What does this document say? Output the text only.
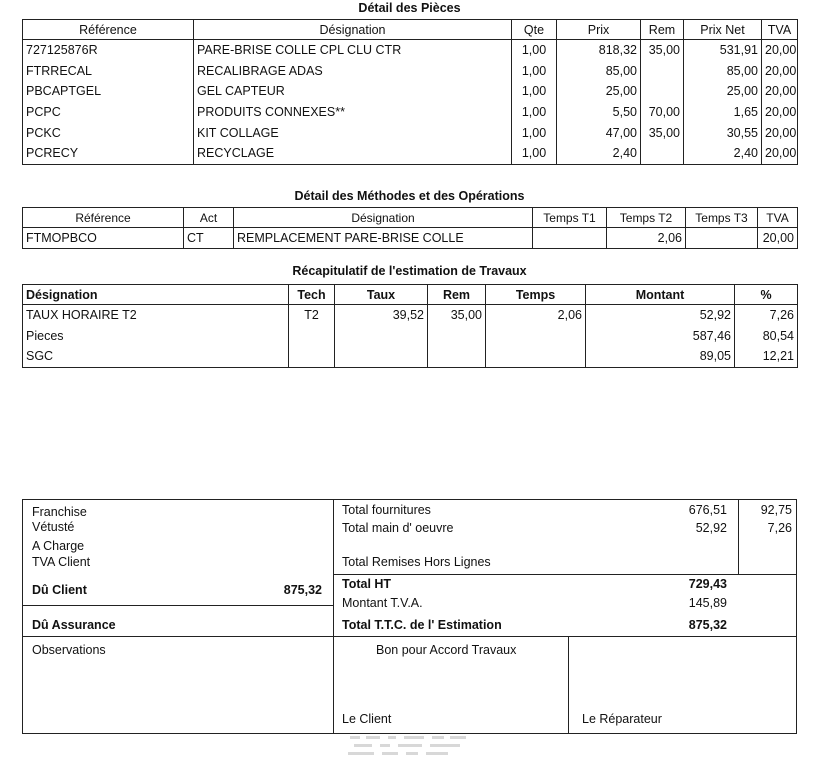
Détail des Pièces
Référence	Désignation	Qte	Prix	Rem	Prix Net	TVA
727125876R	PARE-BRISE COLLE CPL CLU CTR	1,00	818,32	35,00	531,91	20,00
FTRRECAL	RECALIBRAGE ADAS	1,00	85,00		85,00	20,00
PBCAPTGEL	GEL CAPTEUR	1,00	25,00		25,00	20,00
PCPC	PRODUITS CONNEXES**	1,00	5,50	70,00	1,65	20,00
PCKC	KIT COLLAGE	1,00	47,00	35,00	30,55	20,00
PCRECY	RECYCLAGE	1,00	2,40		2,40	20,00
Détail des Méthodes et des Opérations
Référence	Act	Désignation	Temps T1	Temps T2	Temps T3	TVA
FTMOPBCO	CT	REMPLACEMENT PARE-BRISE COLLE		2,06		20,00
Récapitulatif de l'estimation de Travaux
Désignation	Tech	Taux	Rem	Temps	Montant	%
TAUX HORAIRE T2	T2	39,52	35,00	2,06	52,92	7,26
Pieces					587,46	80,54
SGC					89,05	12,21
Franchise
Vétusté
A Charge
TVA Client
Dû Client	875,32
Dû Assurance
Total fournitures	676,51	92,75
Total main d' oeuvre	52,92	7,26
Total Remises Hors Lignes
Total HT	729,43
Montant T.V.A.	145,89
Total T.T.C. de l' Estimation	875,32
Observations	Bon pour Accord Travaux
Le Client	Le Réparateur
